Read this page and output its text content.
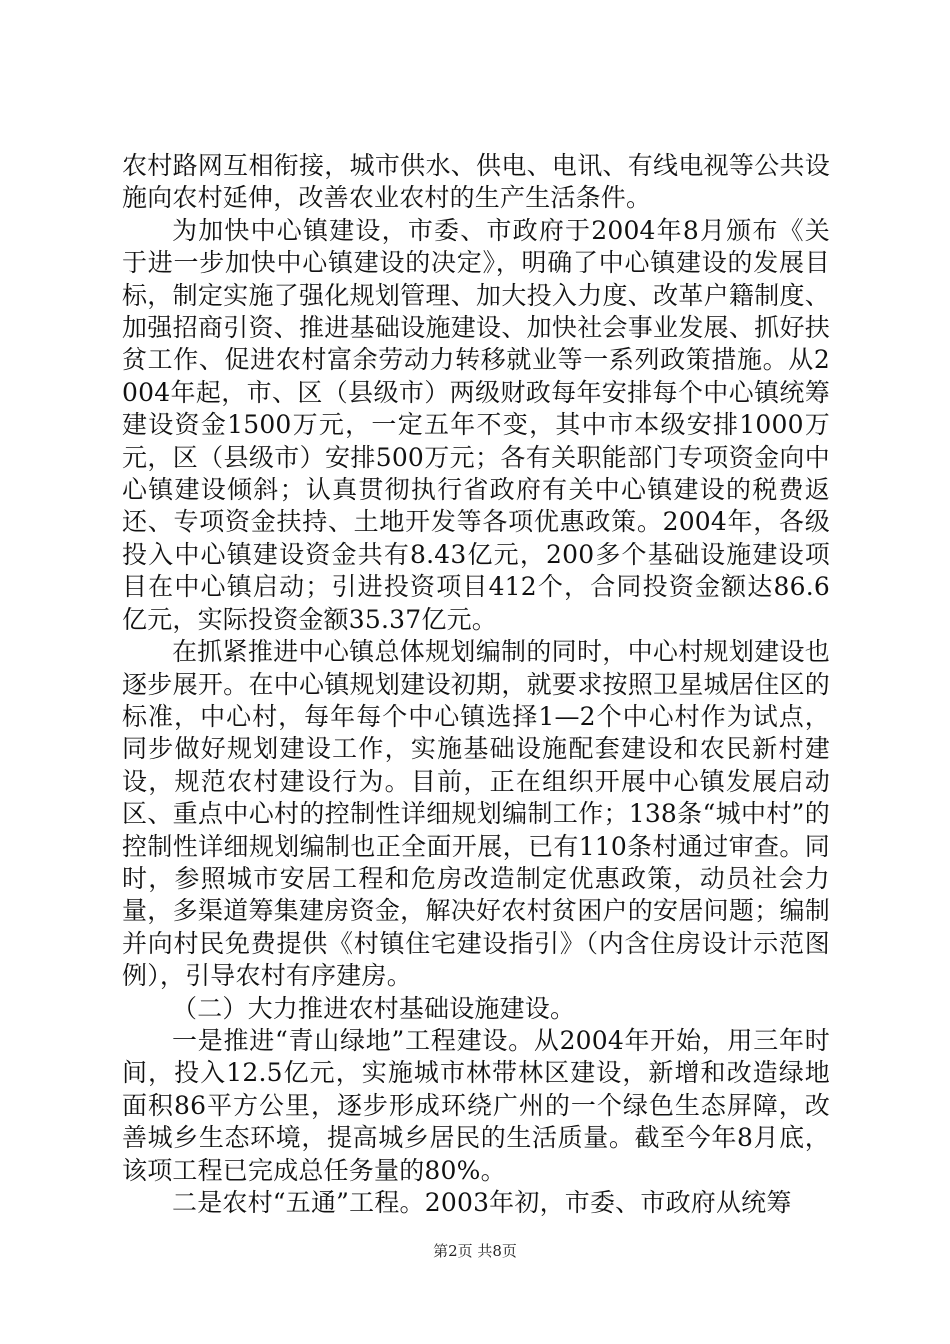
农村路网互相衔接，城市供水、供电、电讯、有线电视等公共设施向农村延伸，改善农业农村的生产生活条件。

为加快中心镇建设，市委、市政府于2004年8月颁布《关于进一步加快中心镇建设的决定》，明确了中心镇建设的发展目标，制定实施了强化规划管理、加大投入力度、改革户籍制度、加强招商引资、推进基础设施建设、加快社会事业发展、抓好扶贫工作、促进农村富余劳动力转移就业等一系列政策措施。从2004年起，市、区（县级市）两级财政每年安排每个中心镇统筹建设资金1500万元，一定五年不变，其中市本级安排1000万元，区（县级市）安排500万元；各有关职能部门专项资金向中心镇建设倾斜；认真贯彻执行省政府有关中心镇建设的税费返还、专项资金扶持、土地开发等各项优惠政策。2004年，各级投入中心镇建设资金共有8.43亿元，200多个基础设施建设项目在中心镇启动；引进投资项目412个，合同投资金额达86.6亿元，实际投资金额35.37亿元。

在抓紧推进中心镇总体规划编制的同时，中心村规划建设也逐步展开。在中心镇规划建设初期，就要求按照卫星城居住区的标准，中心村，每年每个中心镇选择1—2个中心村作为试点，同步做好规划建设工作，实施基础设施配套建设和农民新村建设，规范农村建设行为。目前，正在组织开展中心镇发展启动区、重点中心村的控制性详细规划编制工作；138条“城中村”的控制性详细规划编制也正全面开展，已有110条村通过审查。同时，参照城市安居工程和危房改造制定优惠政策，动员社会力量，多渠道筹集建房资金，解决好农村贫困户的安居问题；编制并向村民免费提供《村镇住宅建设指引》（内含住房设计示范图例），引导农村有序建房。

（二）大力推进农村基础设施建设。

一是推进“青山绿地”工程建设。从2004年开始，用三年时间，投入12.5亿元，实施城市林带林区建设，新增和改造绿地面积86平方公里，逐步形成环绕广州的一个绿色生态屏障，改善城乡生态环境，提高城乡居民的生活质量。截至今年8月底，该项工程已完成总任务量的80%。

二是农村“五通”工程。2003年初，市委、市政府从统筹

第2页 共8页
